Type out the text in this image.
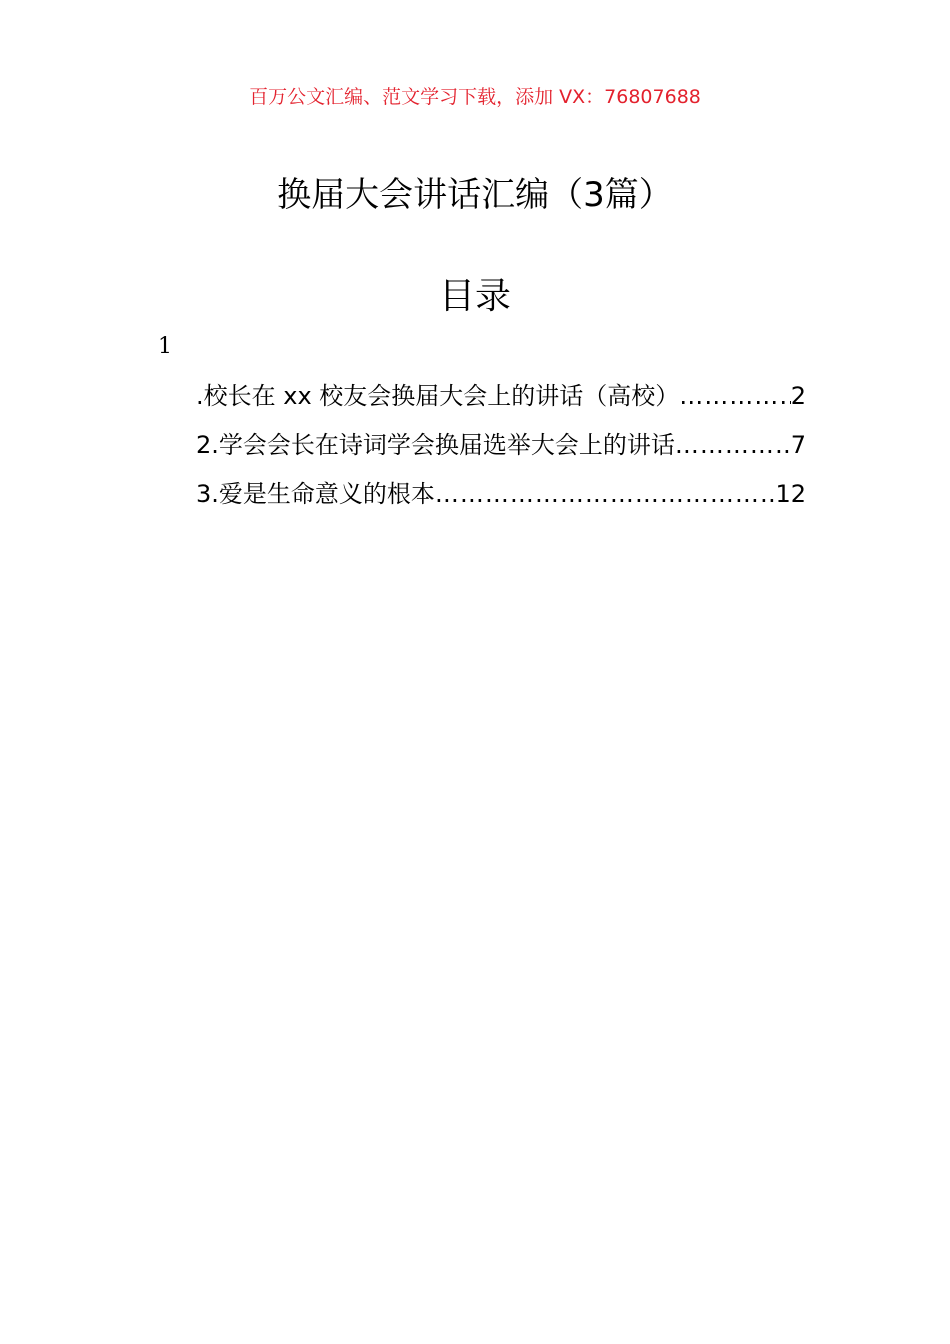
百万公文汇编、范文学习下载，添加 VX：76807688
换届大会讲话汇编（3篇）
目录
1
.校长在 xx 校友会换届大会上的讲话（高校） ……………………………………………………………………………………………………	2
2.学会会长在诗词学会换届选举大会上的讲话 ……………………………………………………………………………………………………	7
3.爱是生命意义的根本 ……………………………………………………………………………………………………	12
